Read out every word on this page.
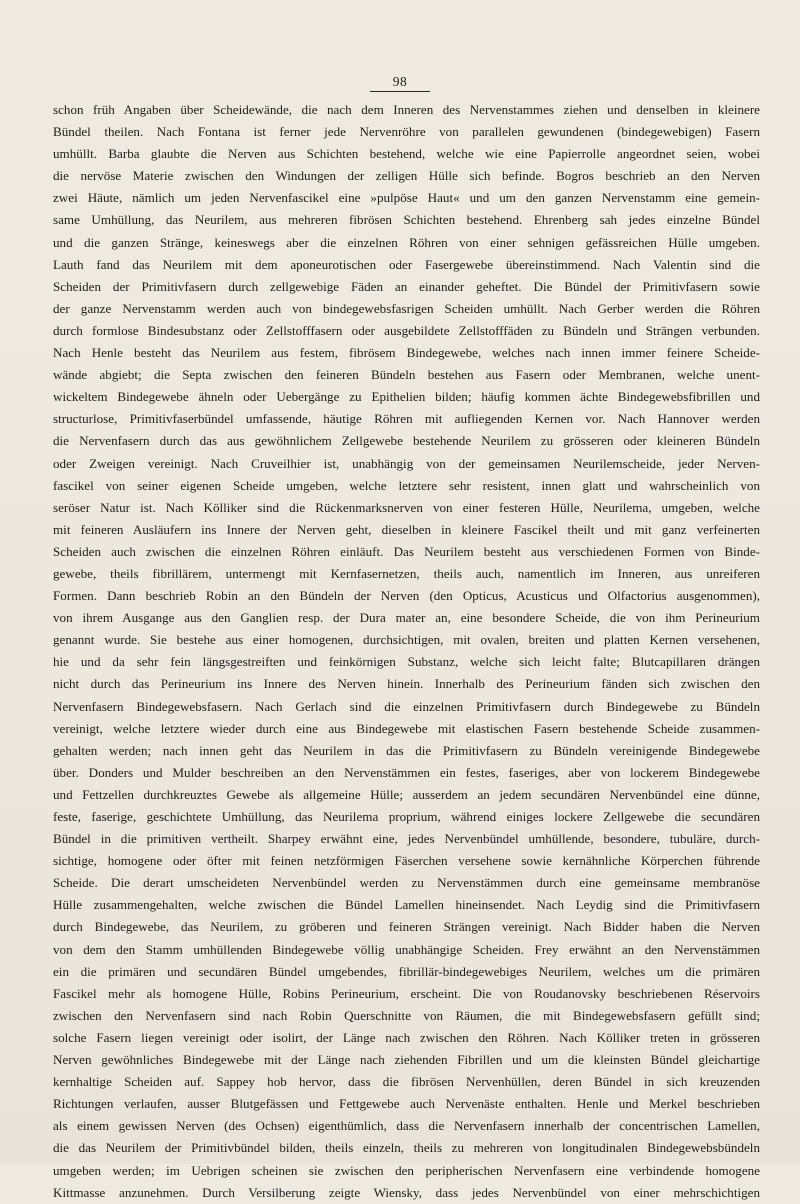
98
schon früh Angaben über Scheidewände, die nach dem Inneren des Nervenstammes ziehen und denselben in kleinere
Bündel theilen. Nach Fontana ist ferner jede Nervenröhre von parallelen gewundenen (bindegewebigen) Fasern
umhüllt. Barba glaubte die Nerven aus Schichten bestehend, welche wie eine Papierrolle angeordnet seien, wobei
die nervöse Materie zwischen den Windungen der zelligen Hülle sich befinde. Bogros beschrieb an den Nerven
zwei Häute, nämlich um jeden Nervenfascikel eine »pulpöse Haut« und um den ganzen Nervenstamm eine gemein-
same Umhüllung, das Neurilem, aus mehreren fibrösen Schichten bestehend. Ehrenberg sah jedes einzelne Bündel
und die ganzen Stränge, keineswegs aber die einzelnen Röhren von einer sehnigen gefässreichen Hülle umgeben.
Lauth fand das Neurilem mit dem aponeurotischen oder Fasergewebe übereinstimmend. Nach Valentin sind die
Scheiden der Primitivfasern durch zellgewebige Fäden an einander geheftet. Die Bündel der Primitivfasern sowie
der ganze Nervenstamm werden auch von bindegewebsfasrigen Scheiden umhüllt. Nach Gerber werden die Röhren
durch formlose Bindesubstanz oder Zellstofffasern oder ausgebildete Zellstofffäden zu Bündeln und Strängen verbunden.
Nach Henle besteht das Neurilem aus festem, fibrösem Bindegewebe, welches nach innen immer feinere Scheide-
wände abgiebt; die Septa zwischen den feineren Bündeln bestehen aus Fasern oder Membranen, welche unent-
wickeltem Bindegewebe ähneln oder Uebergänge zu Epithelien bilden; häufig kommen ächte Bindegewebsfibrillen und
structurlose, Primitivfaserbündel umfassende, häutige Röhren mit aufliegenden Kernen vor. Nach Hannover werden
die Nervenfasern durch das aus gewöhnlichem Zellgewebe bestehende Neurilem zu grösseren oder kleineren Bündeln
oder Zweigen vereinigt. Nach Cruveilhier ist, unabhängig von der gemeinsamen Neurilemscheide, jeder Nerven-
fascikel von seiner eigenen Scheide umgeben, welche letztere sehr resistent, innen glatt und wahrscheinlich von
seröser Natur ist. Nach Kölliker sind die Rückenmarksnerven von einer festeren Hülle, Neurilema, umgeben, welche
mit feineren Ausläufern ins Innere der Nerven geht, dieselben in kleinere Fascikel theilt und mit ganz verfeinerten
Scheiden auch zwischen die einzelnen Röhren einläuft. Das Neurilem besteht aus verschiedenen Formen von Binde-
gewebe, theils fibrillärem, untermengt mit Kernfasernetzen, theils auch, namentlich im Inneren, aus unreiferen
Formen. Dann beschrieb Robin an den Bündeln der Nerven (den Opticus, Acusticus und Olfactorius ausgenommen),
von ihrem Ausgange aus den Ganglien resp. der Dura mater an, eine besondere Scheide, die von ihm Perineurium
genannt wurde. Sie bestehe aus einer homogenen, durchsichtigen, mit ovalen, breiten und platten Kernen versehenen,
hie und da sehr fein längsgestreiften und feinkörnigen Substanz, welche sich leicht falte; Blutcapillaren drängen
nicht durch das Perineurium ins Innere des Nerven hinein. Innerhalb des Perineurium fänden sich zwischen den
Nervenfasern Bindegewebsfasern. Nach Gerlach sind die einzelnen Primitivfasern durch Bindegewebe zu Bündeln
vereinigt, welche letztere wieder durch eine aus Bindegewebe mit elastischen Fasern bestehende Scheide zusammen-
gehalten werden; nach innen geht das Neurilem in das die Primitivfasern zu Bündeln vereinigende Bindegewebe
über. Donders und Mulder beschreiben an den Nervenstämmen ein festes, faseriges, aber von lockerem Bindegewebe
und Fettzellen durchkreuztes Gewebe als allgemeine Hülle; ausserdem an jedem secundären Nervenbündel eine dünne,
feste, faserige, geschichtete Umhüllung, das Neurilema proprium, während einiges lockere Zellgewebe die secundären
Bündel in die primitiven vertheilt. Sharpey erwähnt eine, jedes Nervenbündel umhüllende, besondere, tubuläre, durch-
sichtige, homogene oder öfter mit feinen netzförmigen Fäserchen versehene sowie kernähnliche Körperchen führende
Scheide. Die derart umscheideten Nervenbündel werden zu Nervenstämmen durch eine gemeinsame membranöse
Hülle zusammengehalten, welche zwischen die Bündel Lamellen hineinsendet. Nach Leydig sind die Primitivfasern
durch Bindegewebe, das Neurilem, zu gröberen und feineren Strängen vereinigt. Nach Bidder haben die Nerven
von dem den Stamm umhüllenden Bindegewebe völlig unabhängige Scheiden. Frey erwähnt an den Nervenstämmen
ein die primären und secundären Bündel umgebendes, fibrillär-bindegewebiges Neurilem, welches um die primären
Fascikel mehr als homogene Hülle, Robins Perineurium, erscheint. Die von Roudanovsky beschriebenen Réservoirs
zwischen den Nervenfasern sind nach Robin Querschnitte von Räumen, die mit Bindegewebsfasern gefüllt sind;
solche Fasern liegen vereinigt oder isolirt, der Länge nach zwischen den Röhren. Nach Kölliker treten in grösseren
Nerven gewöhnliches Bindegewebe mit der Länge nach ziehenden Fibrillen und um die kleinsten Bündel gleichartige
kernhaltige Scheiden auf. Sappey hob hervor, dass die fibrösen Nervenhüllen, deren Bündel in sich kreuzenden
Richtungen verlaufen, ausser Blutgefässen und Fettgewebe auch Nervenäste enthalten. Henle und Merkel beschrieben
als einem gewissen Nerven (des Ochsen) eigenthümlich, dass die Nervenfasern innerhalb der concentrischen Lamellen,
die das Neurilem der Primitivbündel bilden, theils einzeln, theils zu mehreren von longitudinalen Bindegewebsbündeln
umgeben werden; im Uebrigen scheinen sie zwischen den peripherischen Nervenfasern eine verbindende homogene
Kittmasse anzunehmen. Durch Versilberung zeigte Wiensky, dass jedes Nervenbündel von einer mehrschichtigen
